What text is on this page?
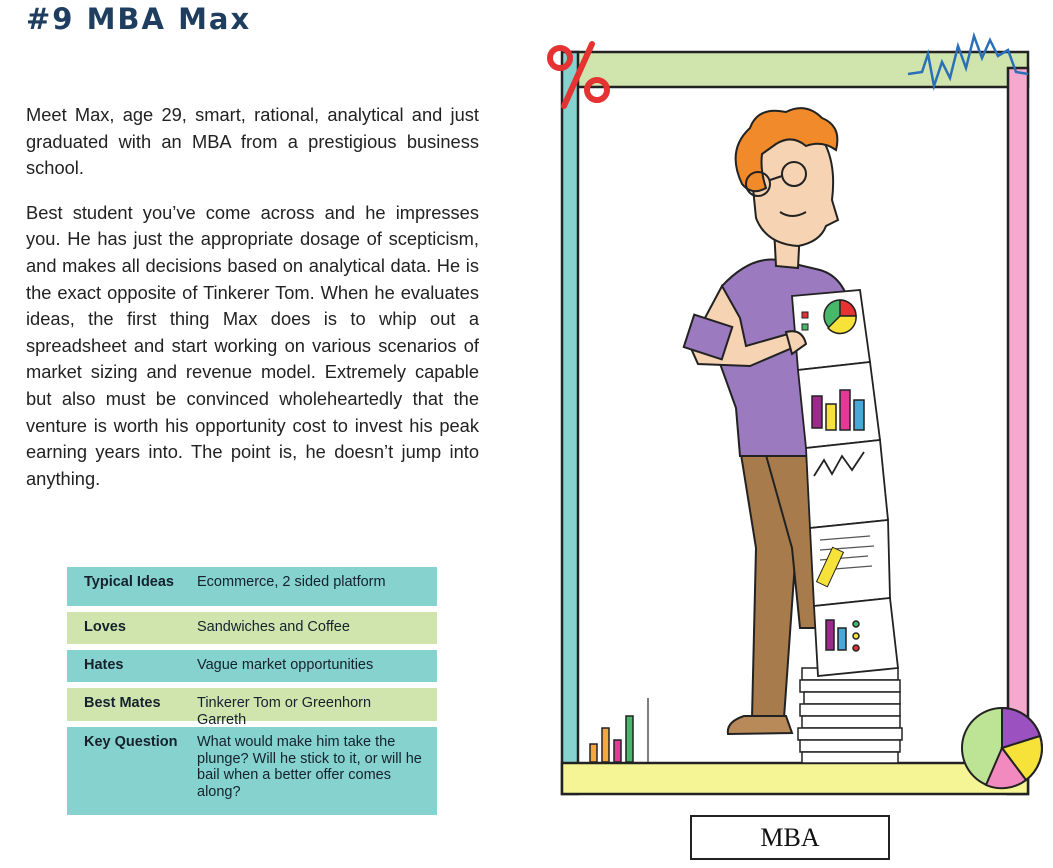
#9 MBA Max

Meet Max, age 29, smart, rational, analytical and just graduated with an MBA from a prestigious business school.

Best student you’ve come across and he impresses you. He has just the appropriate dosage of scepticism, and makes all decisions based on analytical data. He is the exact opposite of Tinkerer Tom. When he evaluates ideas, the first thing Max does is to whip out a spreadsheet and start working on various scenarios of market sizing and revenue model. Extremely capable but also must be convinced wholeheartedly that the venture is worth his opportunity cost to invest his peak earning years into. The point is, he doesn’t jump into anything.

Typical Ideas	Ecommerce, 2 sided platform
Loves	Sandwiches and Coffee
Hates	Vague market opportunities
Best Mates	Tinkerer Tom or Greenhorn Garreth
Key Question	What would make him take the plunge? Will he stick to it, or will he bail when a better offer comes along?
MBA
